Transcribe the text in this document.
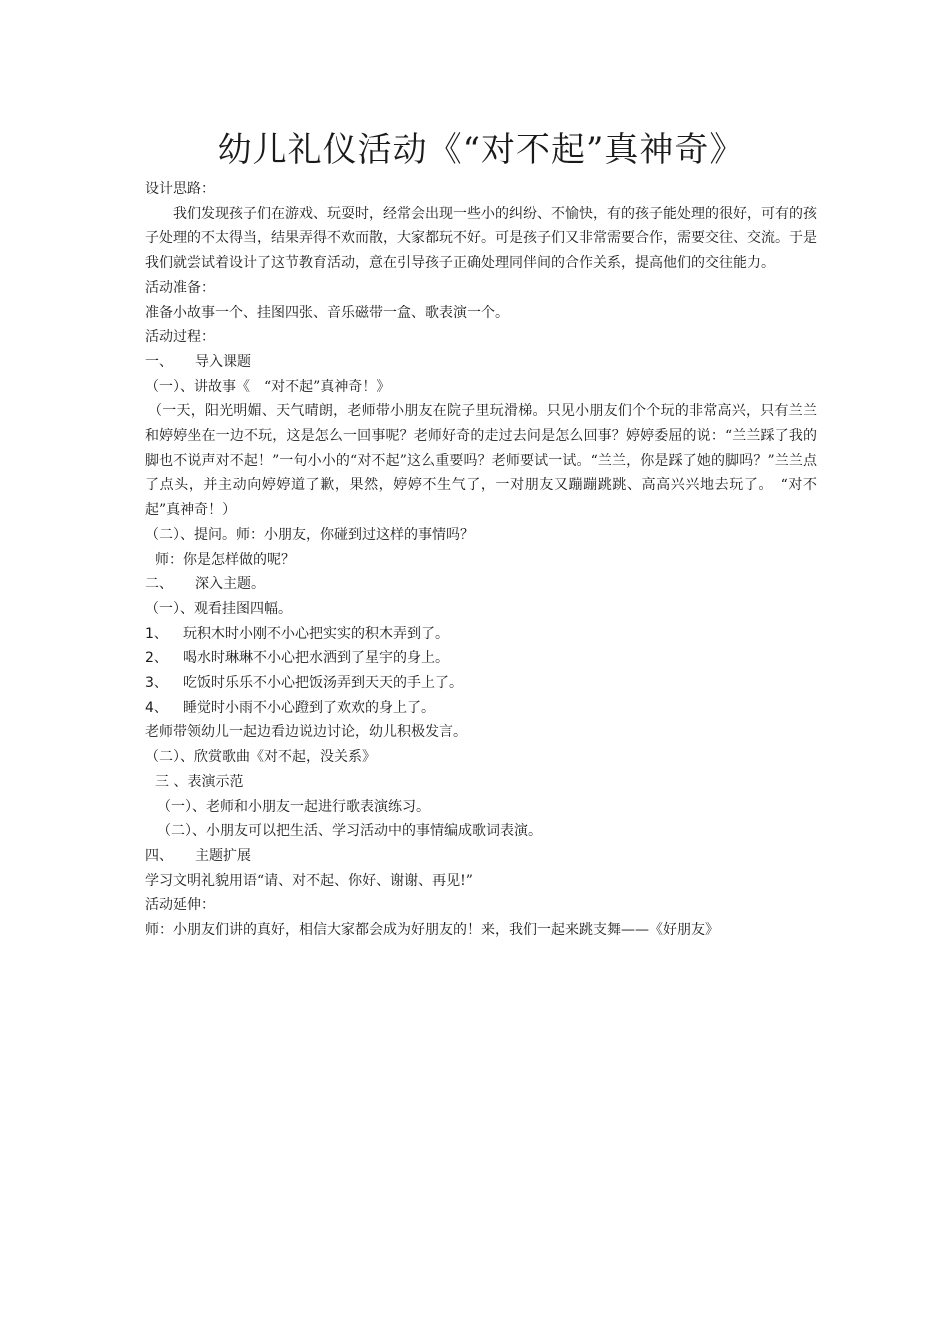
幼儿礼仪活动《“对不起”真神奇》

设计思路：

我们发现孩子们在游戏、玩耍时，经常会出现一些小的纠纷、不愉快，有的孩子能处理的很好，可有的孩子处理的不太得当，结果弄得不欢而散，大家都玩不好。可是孩子们又非常需要合作，需要交往、交流。于是我们就尝试着设计了这节教育活动，意在引导孩子正确处理同伴间的合作关系，提高他们的交往能力。

活动准备：

准备小故事一个、挂图四张、音乐磁带一盒、歌表演一个。

活动过程：

一、 导入课题

（一）、讲故事《　“对不起”真神奇！》

（一天，阳光明媚、天气晴朗，老师带小朋友在院子里玩滑梯。只见小朋友们个个玩的非常高兴，只有兰兰和婷婷坐在一边不玩，这是怎么一回事呢？老师好奇的走过去问是怎么回事？婷婷委屈的说：“兰兰踩了我的脚也不说声对不起！”一句小小的“对不起”这么重要吗？老师要试一试。“兰兰，你是踩了她的脚吗？”兰兰点了点头，并主动向婷婷道了歉，果然，婷婷不生气了，一对朋友又蹦蹦跳跳、高高兴兴地去玩了。　“对不起”真神奇！）

（二）、提问。师：小朋友，你碰到过这样的事情吗？

师：你是怎样做的呢？

二、 深入主题。

（一）、观看挂图四幅。

1、 玩积木时小刚不小心把实实的积木弄到了。

2、 喝水时琳琳不小心把水洒到了星宇的身上。

3、 吃饭时乐乐不小心把饭汤弄到天天的手上了。

4、 睡觉时小雨不小心蹬到了欢欢的身上了。

老师带领幼儿一起边看边说边讨论，幼儿积极发言。

（二）、欣赏歌曲《对不起，没关系》

三 、表演示范

（一）、老师和小朋友一起进行歌表演练习。

（二）、小朋友可以把生活、学习活动中的事情编成歌词表演。

四、 主题扩展

学习文明礼貌用语“请、对不起、你好、谢谢、再见!”

活动延伸：

师：小朋友们讲的真好，相信大家都会成为好朋友的！来，我们一起来跳支舞——《好朋友》
